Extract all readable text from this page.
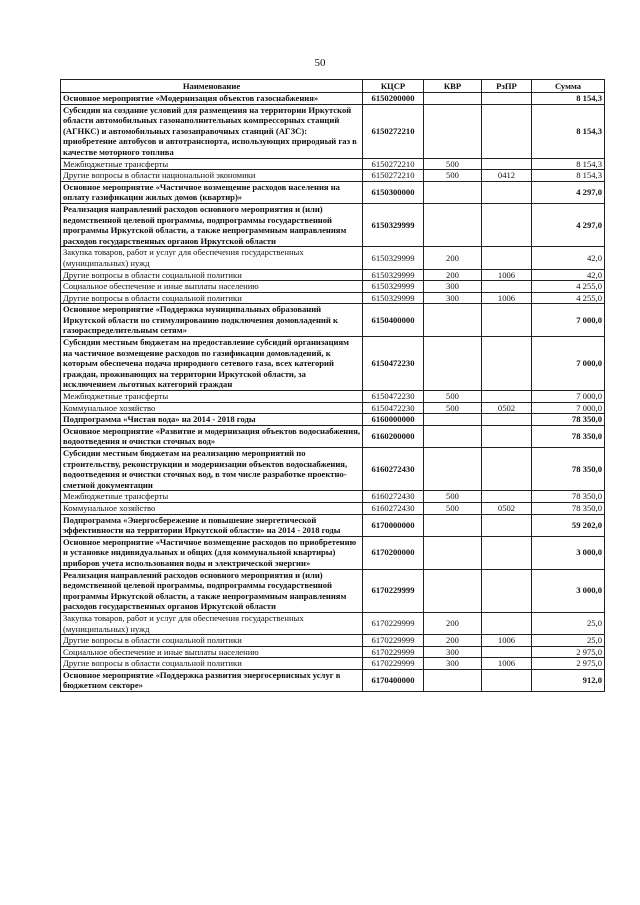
50
Наименование	КЦСР	КВР	РзПР	Сумма
Основное мероприятие «Модернизация объектов газоснабжения»	6150200000			8 154,3
Субсидии на создание условий для размещения на территории Иркутской области автомобильных газонаполнительных компрессорных станций (АГНКС) и автомобильных газозаправочных станций (АГЗС): приобретение автобусов и автотранспорта, использующих природный газ в качестве моторного топлива	6150272210			8 154,3
Межбюджетные трансферты	6150272210	500		8 154,3
Другие вопросы в области национальной экономики	6150272210	500	0412	8 154,3
Основное мероприятие «Частичное возмещение расходов населения на оплату газификации жилых домов (квартир)»	6150300000			4 297,0
Реализация направлений расходов основного мероприятия и (или) ведомственной целевой программы, подпрограммы государственной программы Иркутской области, а также непрограммным направлениям расходов государственных органов Иркутской области	6150329999			4 297,0
Закупка товаров, работ и услуг для обеспечения государственных (муниципальных) нужд	6150329999	200		42,0
Другие вопросы в области социальной политики	6150329999	200	1006	42,0
Социальное обеспечение и иные выплаты населению	6150329999	300		4 255,0
Другие вопросы в области социальной политики	6150329999	300	1006	4 255,0
Основное мероприятие «Поддержка муниципальных образований Иркутской области по стимулированию подключения домовладений к газораспределительным сетям»	6150400000			7 000,0
Субсидии местным бюджетам на предоставление субсидий организациям на частичное возмещение расходов по газификации домовладений, к которым обеспечена подача природного сетевого газа, всех категорий граждан, проживающих на территории Иркутской области, за исключением льготных категорий граждан	6150472230			7 000,0
Межбюджетные трансферты	6150472230	500		7 000,0
Коммунальное хозяйство	6150472230	500	0502	7 000,0
Подпрограмма «Чистая вода» на 2014 - 2018 годы	6160000000			78 350,0
Основное мероприятие «Развитие и модернизация объектов водоснабжения, водоотведения и очистки сточных вод»	6160200000			78 350,0
Субсидии местным бюджетам на реализацию мероприятий по строительству, реконструкции и модернизации объектов водоснабжения, водоотведения и очистки сточных вод, в том числе разработке проектно-сметной документации	6160272430			78 350,0
Межбюджетные трансферты	6160272430	500		78 350,0
Коммунальное хозяйство	6160272430	500	0502	78 350,0
Подпрограмма «Энергосбережение и повышение энергетической эффективности на территории Иркутской области» на 2014 - 2018 годы	6170000000			59 202,0
Основное мероприятие «Частичное возмещение расходов по приобретению и установке индивидуальных и общих (для коммунальной квартиры) приборов учета использования воды и электрической энергии»	6170200000			3 000,0
Реализация направлений расходов основного мероприятия и (или) ведомственной целевой программы, подпрограммы государственной программы Иркутской области, а также непрограммным направлениям расходов государственных органов Иркутской области	6170229999			3 000,0
Закупка товаров, работ и услуг для обеспечения государственных (муниципальных) нужд	6170229999	200		25,0
Другие вопросы в области социальной политики	6170229999	200	1006	25,0
Социальное обеспечение и иные выплаты населению	6170229999	300		2 975,0
Другие вопросы в области социальной политики	6170229999	300	1006	2 975,0
Основное мероприятие «Поддержка развития энергосервисных услуг в бюджетном секторе»	6170400000			912,0
